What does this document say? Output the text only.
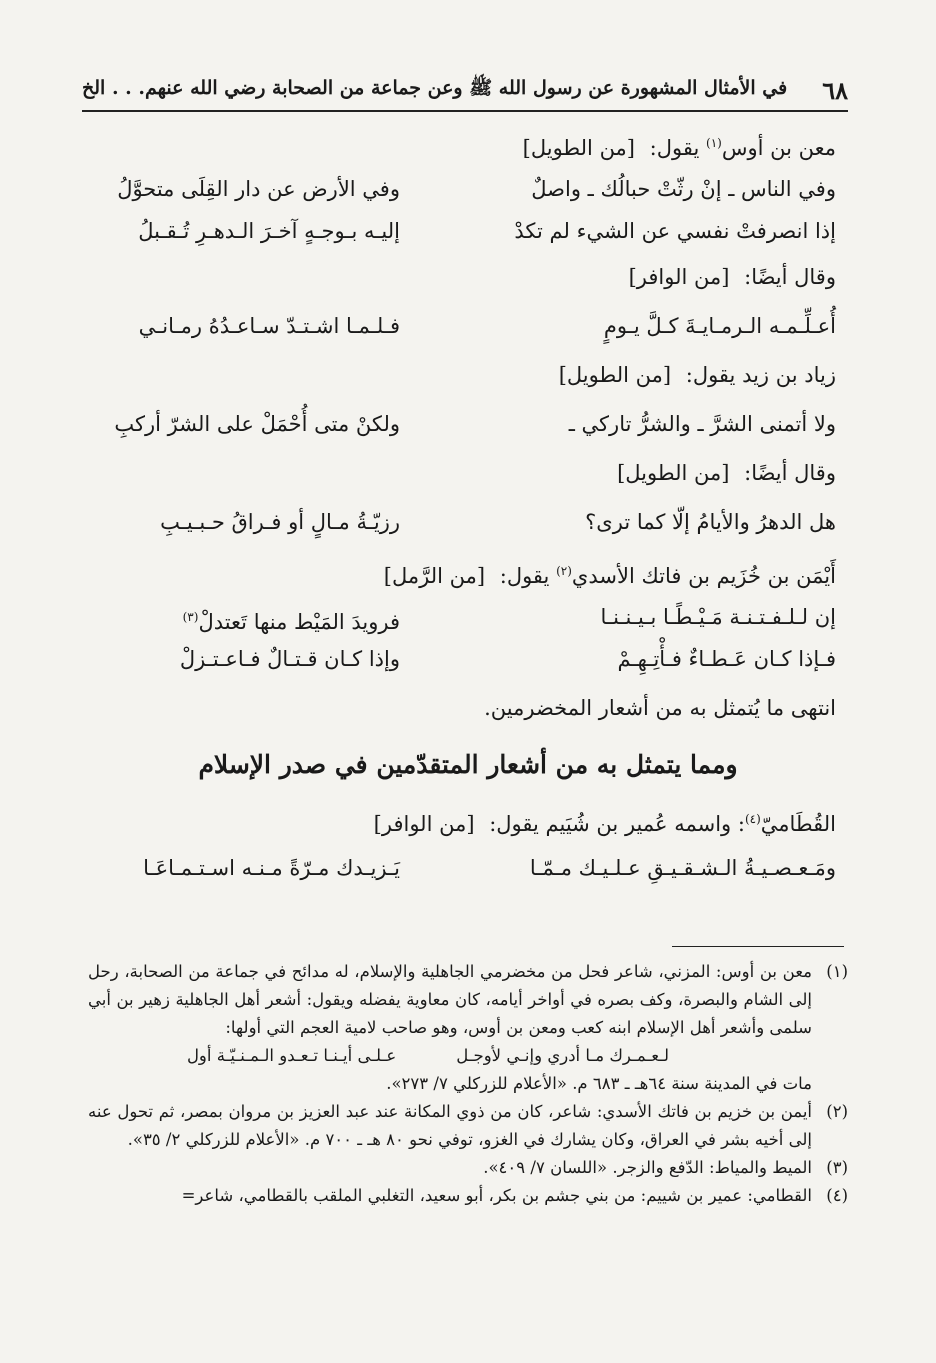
٦٨
في الأمثال المشهورة عن رسول الله ﷺ وعن جماعة من الصحابة رضي الله عنهم. . . الخ
معن بن أوس$^{(١)}$ يقول: [من الطويل]
وفي الناس ـ إنْ رثّتْ حبالُك ـ واصلٌ
وفي الأرض عن دار القِلَى متحوَّلُ
إذا انصرفتْ نفسي عن الشيء لم تكدْ
إليـه بـوجـهٍ آخـرَ الـدهـرِ تُـقـبلُ
وقال أيضًا: [من الوافر]
أُعـلِّـمـه الـرمـايـةَ كـلَّ يـومٍ
فـلـمـا اشـتـدّ سـاعـدُهُ رمـانـي
زياد بن زيد يقول: [من الطويل]
ولا أتمنى الشرَّ ـ والشرُّ تاركي ـ
ولكنْ متى أُحْمَلْ على الشرّ أركبِ
وقال أيضًا: [من الطويل]
هل الدهرُ والأيامُ إلّا كما ترى؟
رزيّـةُ مـالٍ أو فـراقُ حـبـيـبِ
أَيْمَن بن خُزَيم بن فاتك الأسدي$^{(٢)}$ يقول: [من الرَّمل]
إن لـلـفـتـنـة مَـيْـطًـا بـيـنـنـا
فرويدَ المَيْط منها تَعتدلْ$^{(٣)}$
فـإذا كـان عَـطـاءٌ فـأْتِـهِـمْ
وإذا كـان قـتـالٌ فـاعـتـزلْ
انتهى ما يُتمثل به من أشعار المخضرمين.
ومما يتمثل به من أشعار المتقدّمين في صدر الإسلام
القُطَاميّ$^{(٤)}$: واسمه عُمير بن شُيَيم يقول: [من الوافر]
ومَـعـصـيـةُ الـشـقـيـقِ عـلـيـك مـمّـا
يَـزيـدك مـرّةً مـنـه اسـتـمـاعَـا
(١)
معن بن أوس: المزني، شاعر فحل من مخضرمي الجاهلية والإسلام، له مدائح في جماعة من الصحابة، رحل إلى الشام والبصرة، وكف بصره في أواخر أيامه، كان معاوية يفضله ويقول: أشعر أهل الجاهلية زهير بن أبي سلمى وأشعر أهل الإسلام ابنه كعب ومعن بن أوس، وهو صاحب لامية العجم التي أولها:
لـعـمـرك مـا أدري وإنـي لأوجـل
عـلـى أيـنـا تـعـدو الـمـنـيّـة أول
مات في المدينة سنة ٦٤هـ ـ ٦٨٣ م. «الأعلام للزركلي ٧/ ٢٧٣».
(٢)
أيمن بن خزيم بن فاتك الأسدي: شاعر، كان من ذوي المكانة عند عبد العزيز بن مروان بمصر، ثم تحول عنه إلى أخيه بشر في العراق، وكان يشارك في الغزو، توفي نحو ٨٠ هـ ـ ٧٠٠ م. «الأعلام للزركلي ٢/ ٣٥».
(٣)
الميط والمياط: الدّفع والزجر. «اللسان ٧/ ٤٠٩».
(٤)
القطامي: عمير بن شييم: من بني جشم بن بكر، أبو سعيد، التغلبي الملقب بالقطامي، شاعر=
